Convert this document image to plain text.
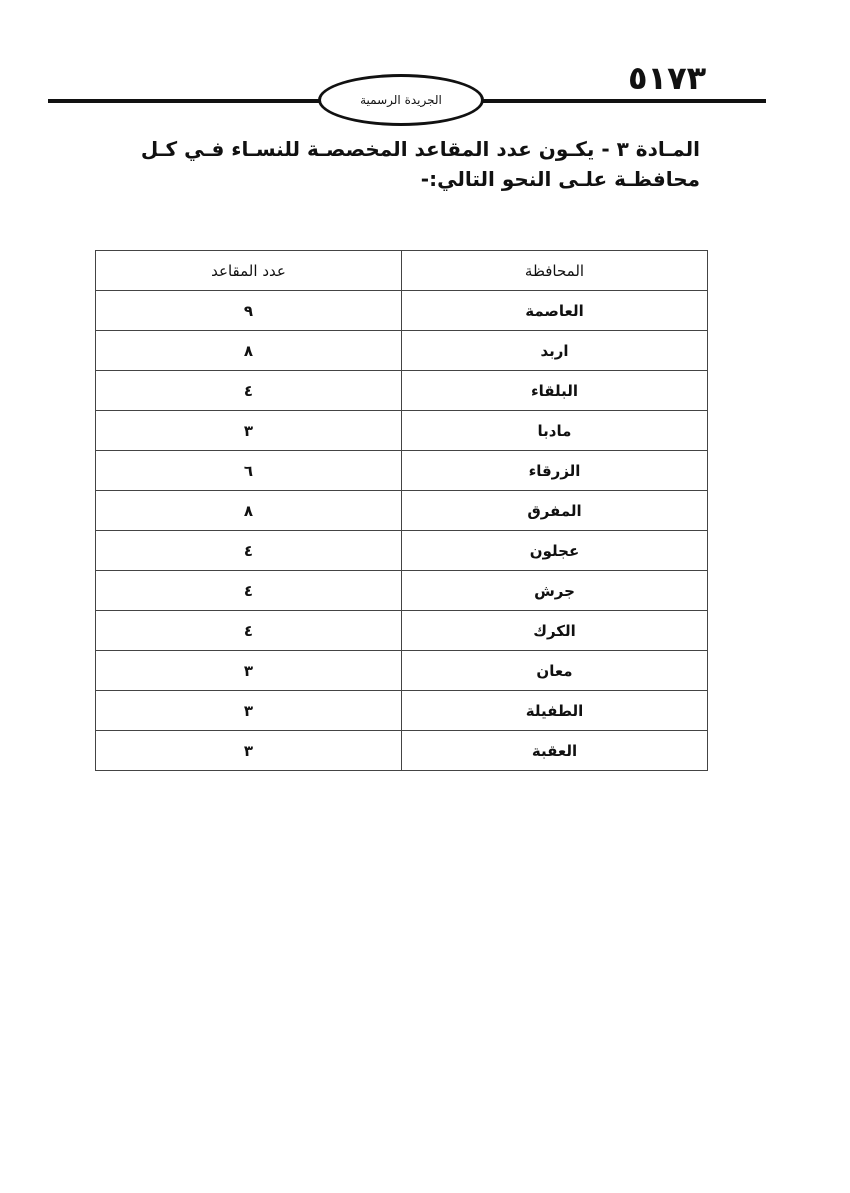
٥١٧٣
الجريدة الرسمية

المـادة ٣ - يكـون عدد المقاعد المخصصـة للنسـاء فـي كـل محافظـة علـى النحو التالي:-

المحافظة	عدد المقاعد
العاصمة	٩
اربد	٨
البلقاء	٤
مادبا	٣
الزرقاء	٦
المفرق	٨
عجلون	٤
جرش	٤
الكرك	٤
معان	٣
الطفيلة	٣
العقبة	٣
